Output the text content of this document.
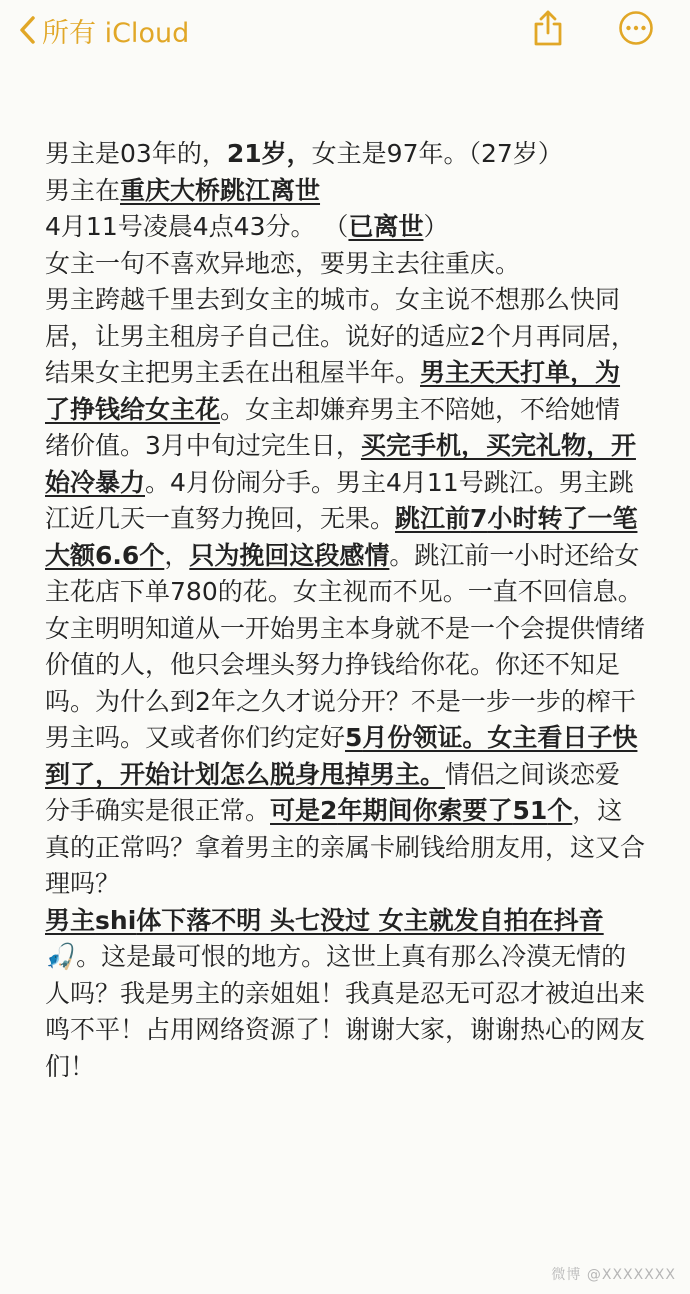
所有 iCloud

男主是03年的，21岁，女主是97年。（27岁）

男主在重庆大桥跳江离世

4月11号凌晨4点43分。 （已离世）

女主一句不喜欢异地恋，要男主去往重庆。

男主跨越千里去到女主的城市。女主说不想那么快同居，让男主租房子自己住。说好的适应2个月再同居，结果女主把男主丢在出租屋半年。男主天天打单，为了挣钱给女主花。女主却嫌弃男主不陪她，不给她情绪价值。3月中旬过完生日，买完手机，买完礼物，开始冷暴力。4月份闹分手。男主4月11号跳江。男主跳江近几天一直努力挽回，无果。跳江前7小时转了一笔大额6.6个，只为挽回这段感情。跳江前一小时还给女主花店下单780的花。女主视而不见。一直不回信息。女主明明知道从一开始男主本身就不是一个会提供情绪价值的人，他只会埋头努力挣钱给你花。你还不知足吗。为什么到2年之久才说分开？不是一步一步的榨干男主吗。又或者你们约定好5月份领证。女主看日子快到了，开始计划怎么脱身甩掉男主。情侣之间谈恋爱分手确实是很正常。可是2年期间你索要了51个，这真的正常吗？拿着男主的亲属卡刷钱给朋友用，这又合理吗？

男主shi体下落不明 头七没过 女主就发自拍在抖音🎣。这是最可恨的地方。这世上真有那么冷漠无情的人吗？我是男主的亲姐姐！我真是忍无可忍才被迫出来鸣不平！占用网络资源了！谢谢大家，谢谢热心的网友们！

微博 @XXXXXXX
